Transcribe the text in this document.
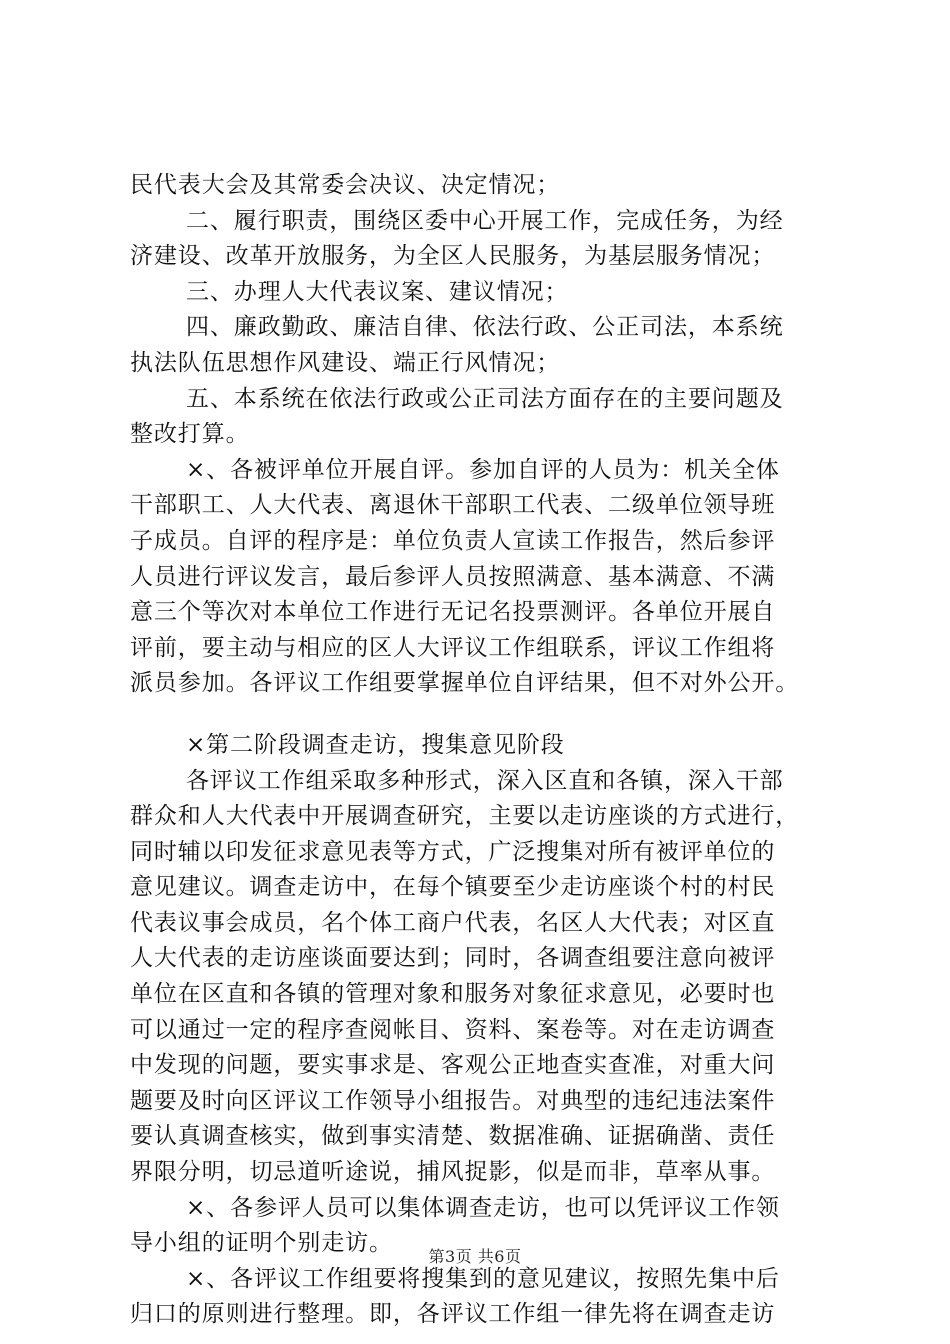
民代表大会及其常委会决议、决定情况；
二、履行职责，围绕区委中心开展工作，完成任务，为经
济建设、改革开放服务，为全区人民服务，为基层服务情况；
三、办理人大代表议案、建议情况；
四、廉政勤政、廉洁自律、依法行政、公正司法，本系统
执法队伍思想作风建设、端正行风情况；
五、本系统在依法行政或公正司法方面存在的主要问题及
整改打算。
×、各被评单位开展自评。参加自评的人员为：机关全体
干部职工、人大代表、离退休干部职工代表、二级单位领导班
子成员。自评的程序是：单位负责人宣读工作报告，然后参评
人员进行评议发言，最后参评人员按照满意、基本满意、不满
意三个等次对本单位工作进行无记名投票测评。各单位开展自
评前，要主动与相应的区人大评议工作组联系，评议工作组将
派员参加。各评议工作组要掌握单位自评结果，但不对外公开。
×第二阶段调查走访，搜集意见阶段
各评议工作组采取多种形式，深入区直和各镇，深入干部
群众和人大代表中开展调查研究，主要以走访座谈的方式进行，
同时辅以印发征求意见表等方式，广泛搜集对所有被评单位的
意见建议。调查走访中，在每个镇要至少走访座谈个村的村民
代表议事会成员，名个体工商户代表，名区人大代表；对区直
人大代表的走访座谈面要达到；同时，各调查组要注意向被评
单位在区直和各镇的管理对象和服务对象征求意见，必要时也
可以通过一定的程序查阅帐目、资料、案卷等。对在走访调查
中发现的问题，要实事求是、客观公正地查实查准，对重大问
题要及时向区评议工作领导小组报告。对典型的违纪违法案件
要认真调查核实，做到事实清楚、数据准确、证据确凿、责任
界限分明，切忌道听途说，捕风捉影，似是而非，草率从事。
×、各参评人员可以集体调查走访，也可以凭评议工作领
导小组的证明个别走访。
×、各评议工作组要将搜集到的意见建议，按照先集中后
归口的原则进行整理。即，各评议工作组一律先将在调查走访
第3页 共6页
